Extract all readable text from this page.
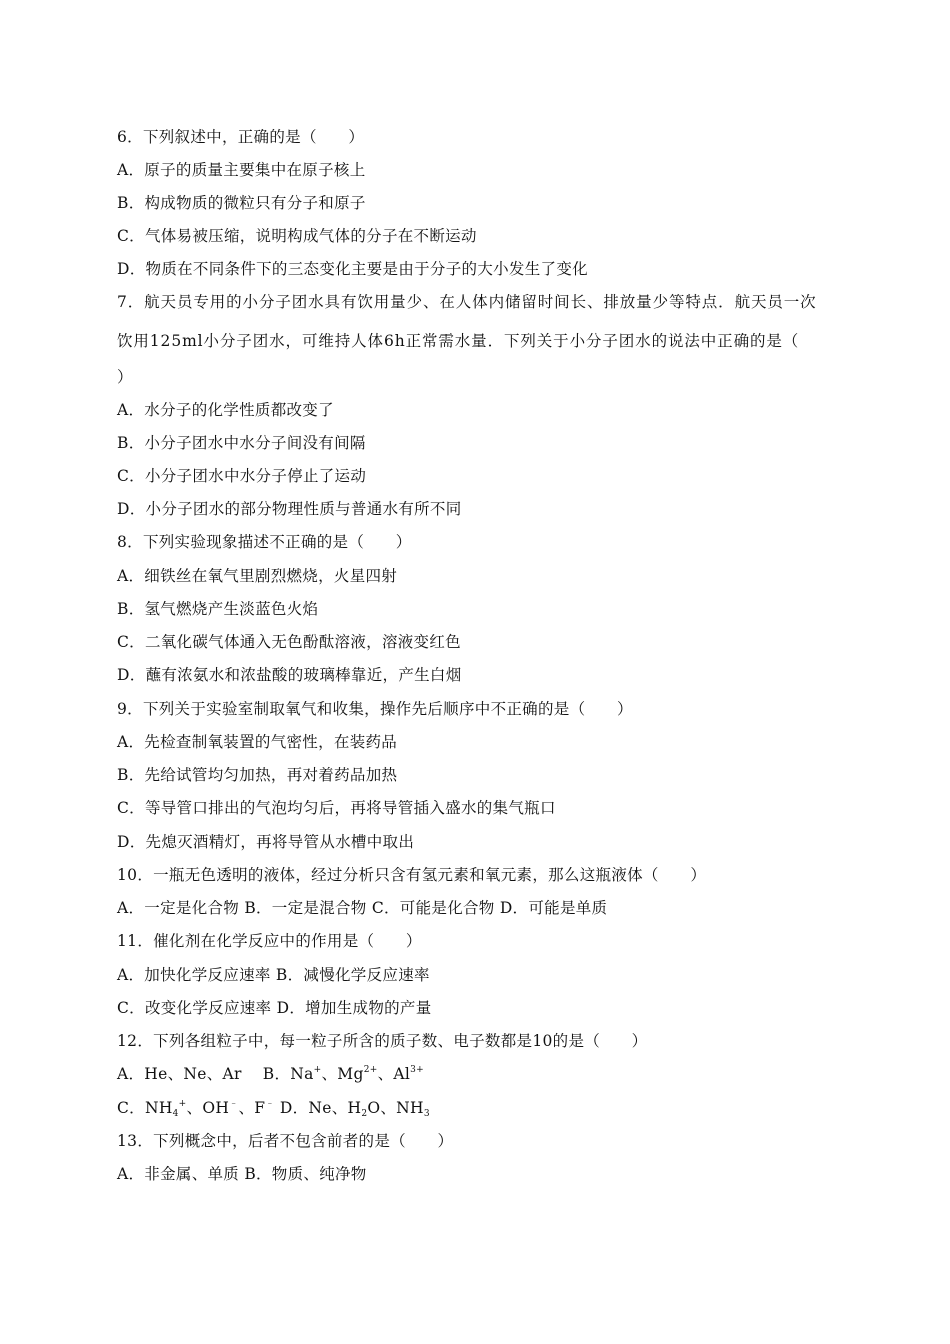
6．下列叙述中，正确的是（　　）
A．原子的质量主要集中在原子核上
B．构成物质的微粒只有分子和原子
C．气体易被压缩，说明构成气体的分子在不断运动
D．物质在不同条件下的三态变化主要是由于分子的大小发生了变化
7．航天员专用的小分子团水具有饮用量少、在人体内储留时间长、排放量少等特点．航天员一次
饮用125ml小分子团水，可维持人体6h正常需水量．下列关于小分子团水的说法中正确的是（
）
A．水分子的化学性质都改变了
B．小分子团水中水分子间没有间隔
C．小分子团水中水分子停止了运动
D．小分子团水的部分物理性质与普通水有所不同
8．下列实验现象描述不正确的是（　　）
A．细铁丝在氧气里剧烈燃烧，火星四射
B．氢气燃烧产生淡蓝色火焰
C．二氧化碳气体通入无色酚酞溶液，溶液变红色
D．蘸有浓氨水和浓盐酸的玻璃棒靠近，产生白烟
9．下列关于实验室制取氧气和收集，操作先后顺序中不正确的是（　　）
A．先检查制氧装置的气密性，在装药品
B．先给试管均匀加热，再对着药品加热
C．等导管口排出的气泡均匀后，再将导管插入盛水的集气瓶口
D．先熄灭酒精灯，再将导管从水槽中取出
10．一瓶无色透明的液体，经过分析只含有氢元素和氧元素，那么这瓶液体（　　）
A．一定是化合物 B．一定是混合物 C．可能是化合物 D．可能是单质
11．催化剂在化学反应中的作用是（　　）
A．加快化学反应速率 B．减慢化学反应速率
C．改变化学反应速率 D．增加生成物的产量
12．下列各组粒子中，每一粒子所含的质子数、电子数都是10的是（　　）
A．He、Ne、Ar　 B．Na+、$Mg^{2+}$、$Al^{3+}$
C．$NH_4^+$、OH﹣、F﹣ D．Ne、$H_2O$、$NH_3$
13．下列概念中，后者不包含前者的是（　　）
A．非金属、单质 B．物质、纯净物
